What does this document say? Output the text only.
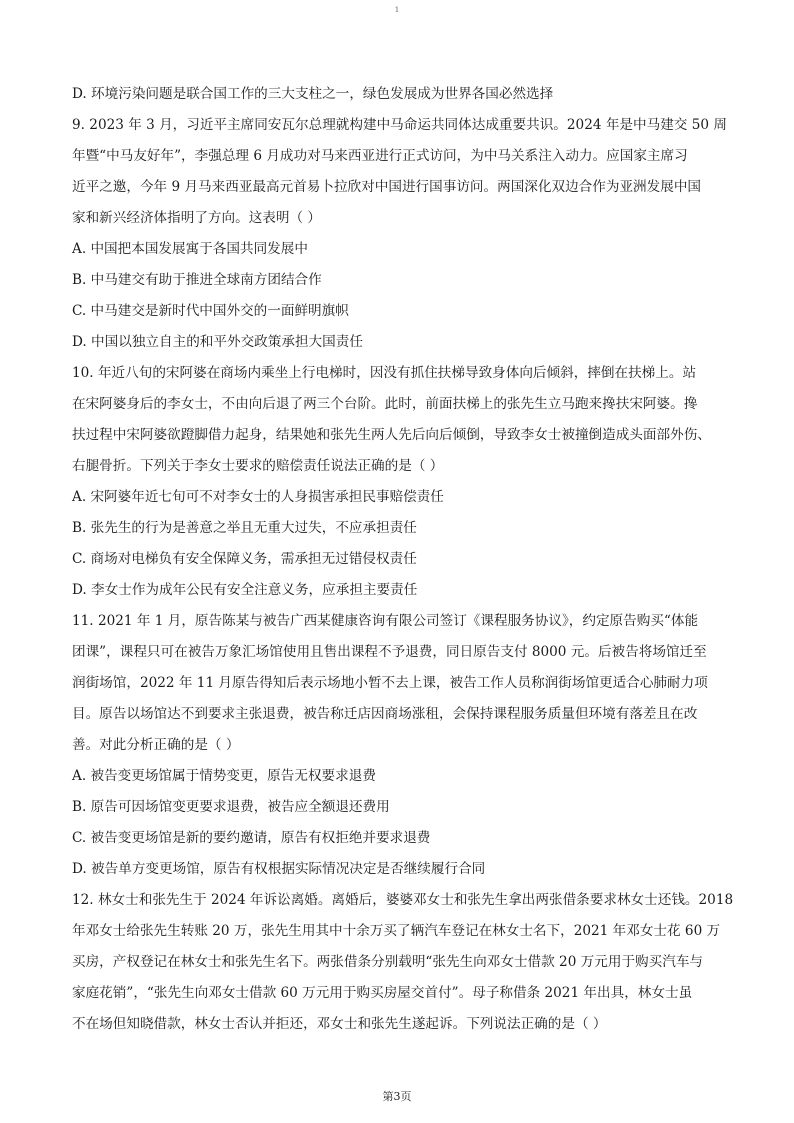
1
D. 环境污染问题是联合国工作的三大支柱之一，绿色发展成为世界各国必然选择
9. 2023 年 3 月，习近平主席同安瓦尔总理就构建中马命运共同体达成重要共识。2024 年是中马建交 50 周
年暨“中马友好年”，李强总理 6 月成功对马来西亚进行正式访问，为中马关系注入动力。应国家主席习
近平之邀，今年 9 月马来西亚最高元首易卜拉欣对中国进行国事访问。两国深化双边合作为亚洲发展中国
家和新兴经济体指明了方向。这表明（ ）
A. 中国把本国发展寓于各国共同发展中
B. 中马建交有助于推进全球南方团结合作
C. 中马建交是新时代中国外交的一面鲜明旗帜
D. 中国以独立自主的和平外交政策承担大国责任
10. 年近八旬的宋阿婆在商场内乘坐上行电梯时，因没有抓住扶梯导致身体向后倾斜，摔倒在扶梯上。站
在宋阿婆身后的李女士，不由向后退了两三个台阶。此时，前面扶梯上的张先生立马跑来搀扶宋阿婆。搀
扶过程中宋阿婆欲蹬脚借力起身，结果她和张先生两人先后向后倾倒，导致李女士被撞倒造成头面部外伤、
右腿骨折。下列关于李女士要求的赔偿责任说法正确的是（ ）
A. 宋阿婆年近七旬可不对李女士的人身损害承担民事赔偿责任
B. 张先生的行为是善意之举且无重大过失，不应承担责任
C. 商场对电梯负有安全保障义务，需承担无过错侵权责任
D. 李女士作为成年公民有安全注意义务，应承担主要责任
11. 2021 年 1 月，原告陈某与被告广西某健康咨询有限公司签订《课程服务协议》，约定原告购买“体能
团课”，课程只可在被告万象汇场馆使用且售出课程不予退费，同日原告支付 8000 元。后被告将场馆迁至
润街场馆，2022 年 11 月原告得知后表示场地小暂不去上课，被告工作人员称润街场馆更适合心肺耐力项
目。原告以场馆达不到要求主张退费，被告称迁店因商场涨租，会保持课程服务质量但环境有落差且在改
善。对此分析正确的是（ ）
A. 被告变更场馆属于情势变更，原告无权要求退费
B. 原告可因场馆变更要求退费，被告应全额退还费用
C. 被告变更场馆是新的要约邀请，原告有权拒绝并要求退费
D. 被告单方变更场馆，原告有权根据实际情况决定是否继续履行合同
12. 林女士和张先生于 2024 年诉讼离婚。离婚后，婆婆邓女士和张先生拿出两张借条要求林女士还钱。2018
年邓女士给张先生转账 20 万，张先生用其中十余万买了辆汽车登记在林女士名下，2021 年邓女士花 60 万
买房，产权登记在林女士和张先生名下。两张借条分别载明“张先生向邓女士借款 20 万元用于购买汽车与
家庭花销”，“张先生向邓女士借款 60 万元用于购买房屋交首付”。母子称借条 2021 年出具，林女士虽
不在场但知晓借款，林女士否认并拒还，邓女士和张先生遂起诉。下列说法正确的是（ ）
第3页
